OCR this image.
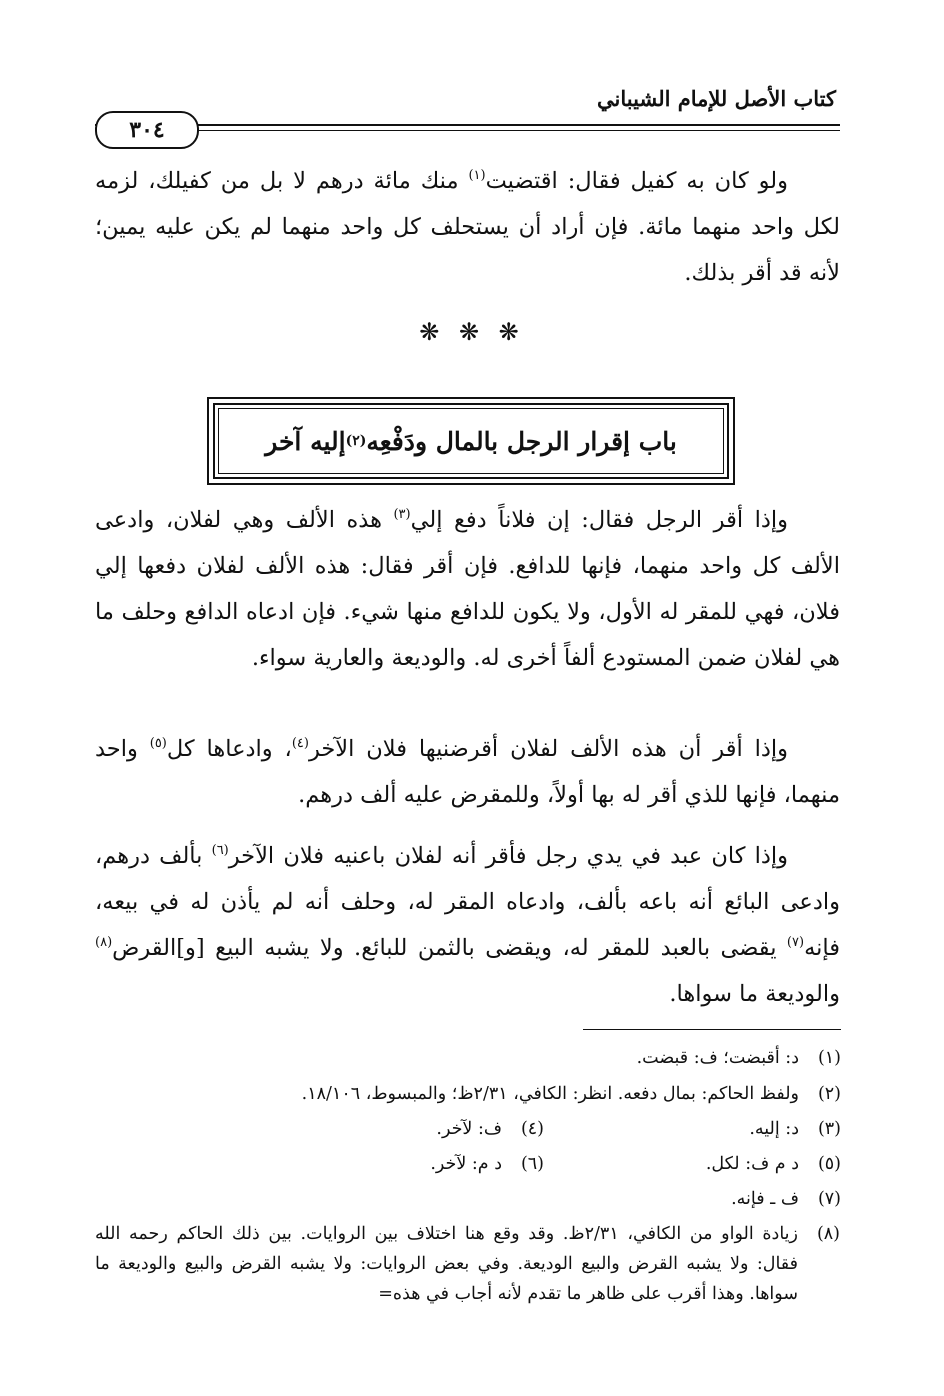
كتاب الأصل للإمام الشيباني
٣٠٤
ولو كان به كفيل فقال: اقتضيت$^{(١)}$ منك مائة درهم لا بل من كفيلك، لزمه لكل واحد منهما مائة. فإن أراد أن يستحلف كل واحد منهما لم يكن عليه يمين؛ لأنه قد أقر بذلك.
❋ ❋ ❋
باب إقرار الرجل بالمال ودَفْعِه
(٢)
إليه آخر
وإذا أقر الرجل فقال: إن فلاناً دفع إلي$^{(٣)}$ هذه الألف وهي لفلان، وادعى الألف كل واحد منهما، فإنها للدافع. فإن أقر فقال: هذه الألف لفلان دفعها إلي فلان، فهي للمقر له الأول، ولا يكون للدافع منها شيء. فإن ادعاه الدافع وحلف ما هي لفلان ضمن المستودع ألفاً أخرى له. والوديعة والعارية سواء.
وإذا أقر أن هذه الألف لفلان أقرضنيها فلان الآخر$^{(٤)}$، وادعاها كل$^{(٥)}$ واحد منهما، فإنها للذي أقر له بها أولاً، وللمقرض عليه ألف درهم.
وإذا كان عبد في يدي رجل فأقر أنه لفلان باعنيه فلان الآخر$^{(٦)}$ بألف درهم، وادعى البائع أنه باعه بألف، وادعاه المقر له، وحلف أنه لم يأذن له في بيعه، فإنه$^{(٧)}$ يقضى بالعبد للمقر له، ويقضى بالثمن للبائع. ولا يشبه البيع [و]القرض$^{(٨)}$ والوديعة ما سواها.
(١)د: أقبضت؛ ف: قبضت.
(٢)ولفظ الحاكم: بمال دفعه. انظر: الكافي، ٢/٣١ظ؛ والمبسوط، ١٨/١٠٦.
(٣)د: إليه.
(٤)ف: لآخر.
(٥)د م ف: لكل.
(٦)د م: لآخر.
(٧)ف ـ فإنه.
(٨)
زيادة الواو من الكافي، ٢/٣١ظ. وقد وقع هنا اختلاف بين الروايات. بين ذلك الحاكم رحمه الله فقال: ولا يشبه القرض والبيع الوديعة. وفي بعض الروايات: ولا يشبه القرض والبيع والوديعة ما سواها. وهذا أقرب على ظاهر ما تقدم لأنه أجاب في هذه=
